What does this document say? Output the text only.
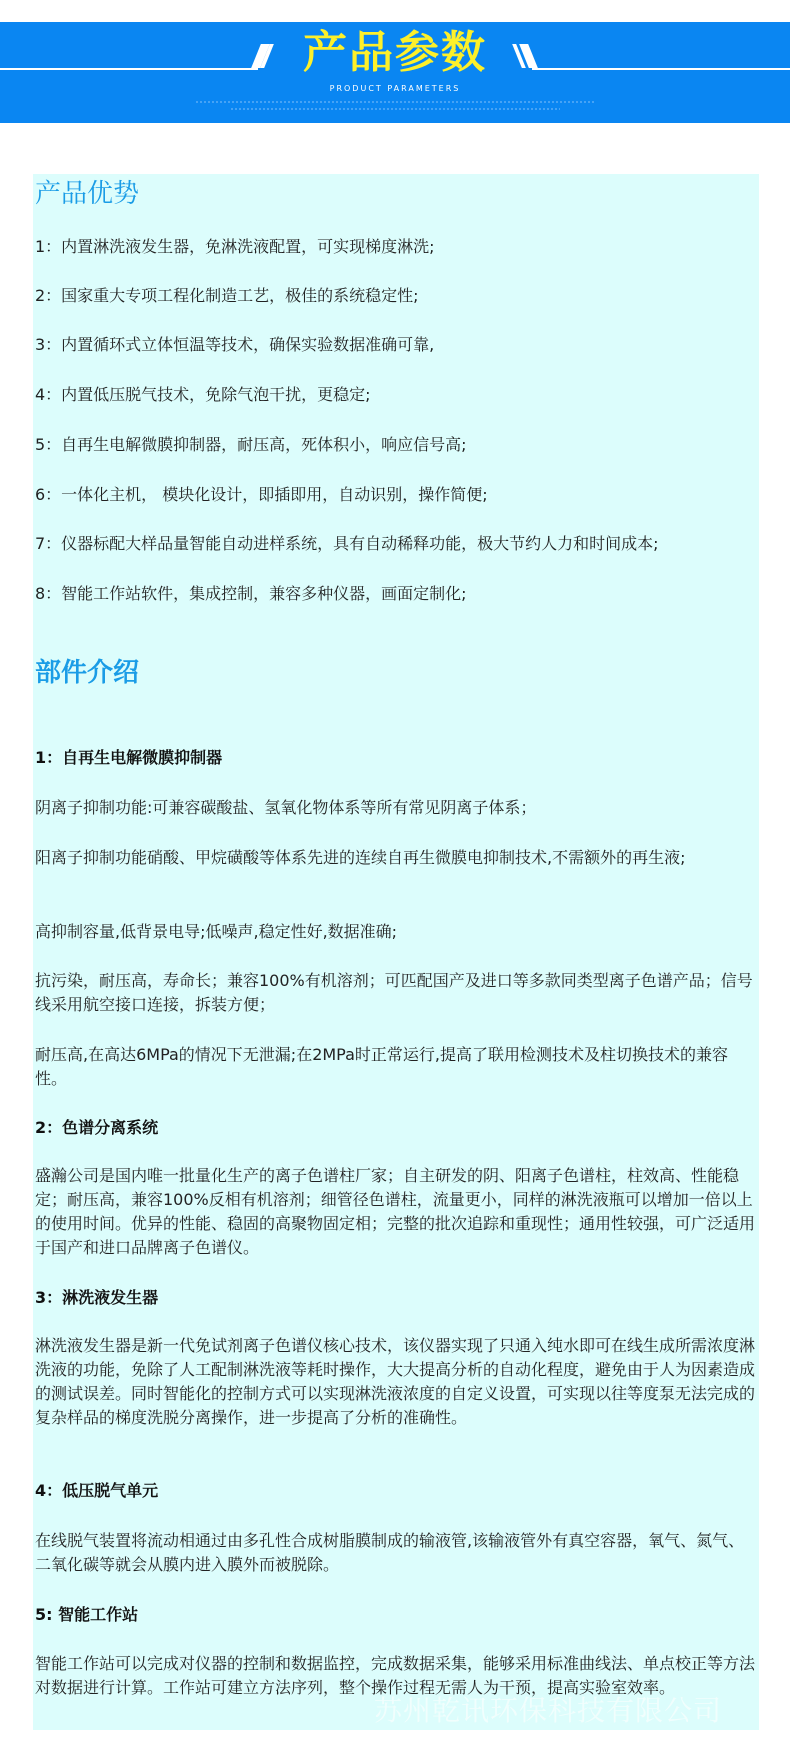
产品参数
PRODUCT PARAMETERS
产品优势
1：内置淋洗液发生器，免淋洗液配置，可实现梯度淋洗;
2：国家重大专项工程化制造工艺，极佳的系统稳定性;
3：内置循环式立体恒温等技术，确保实验数据准确可靠,
4：内置低压脱气技术，免除气泡干扰，更稳定;
5：自再生电解微膜抑制器，耐压高，死体积小，响应信号高;
6：一体化主机， 模块化设计，即插即用，自动识别，操作简便;
7：仪器标配大样品量智能自动进样系统，具有自动稀释功能，极大节约人力和时间成本;
8：智能工作站软件，集成控制，兼容多种仪器，画面定制化;
部件介绍
1：自再生电解微膜抑制器

阴离子抑制功能:可兼容碳酸盐、氢氧化物体系等所有常见阴离子体系；

阳离子抑制功能硝酸、甲烷磺酸等体系先进的连续自再生微膜电抑制技术,不需额外的再生液;

高抑制容量,低背景电导;低噪声,稳定性好,数据准确;

抗污染，耐压高，寿命长；兼容100%有机溶剂；可匹配国产及进口等多款同类型离子色谱产品；信号线采用航空接口连接，拆装方便；

耐压高,在高达6MPa的情况下无泄漏;在2MPa时正常运行,提高了联用检测技术及柱切换技术的兼容性。

2：色谱分离系统

盛瀚公司是国内唯一批量化生产的离子色谱柱厂家；自主研发的阴、阳离子色谱柱，柱效高、性能稳定；耐压高，兼容100%反相有机溶剂；细管径色谱柱，流量更小，同样的淋洗液瓶可以增加一倍以上的使用时间。优异的性能、稳固的高聚物固定相；完整的批次追踪和重现性；通用性较强，可广泛适用于国产和进口品牌离子色谱仪。

3：淋洗液发生器

淋洗液发生器是新一代免试剂离子色谱仪核心技术，该仪器实现了只通入纯水即可在线生成所需浓度淋洗液的功能，免除了人工配制淋洗液等耗时操作，大大提高分析的自动化程度，避免由于人为因素造成的测试误差。同时智能化的控制方式可以实现淋洗液浓度的自定义设置，可实现以往等度泵无法完成的复杂样品的梯度洗脱分离操作，进一步提高了分析的准确性。

4：低压脱气单元

在线脱气装置将流动相通过由多孔性合成树脂膜制成的输液管,该输液管外有真空容器，氧气、氮气、二氧化碳等就会从膜内进入膜外而被脱除。

5: 智能工作站

智能工作站可以完成对仪器的控制和数据监控，完成数据采集，能够采用标准曲线法、单点校正等方法对数据进行计算。工作站可建立方法序列，整个操作过程无需人为干预，提高实验室效率。

苏州乾讯环保科技有限公司
